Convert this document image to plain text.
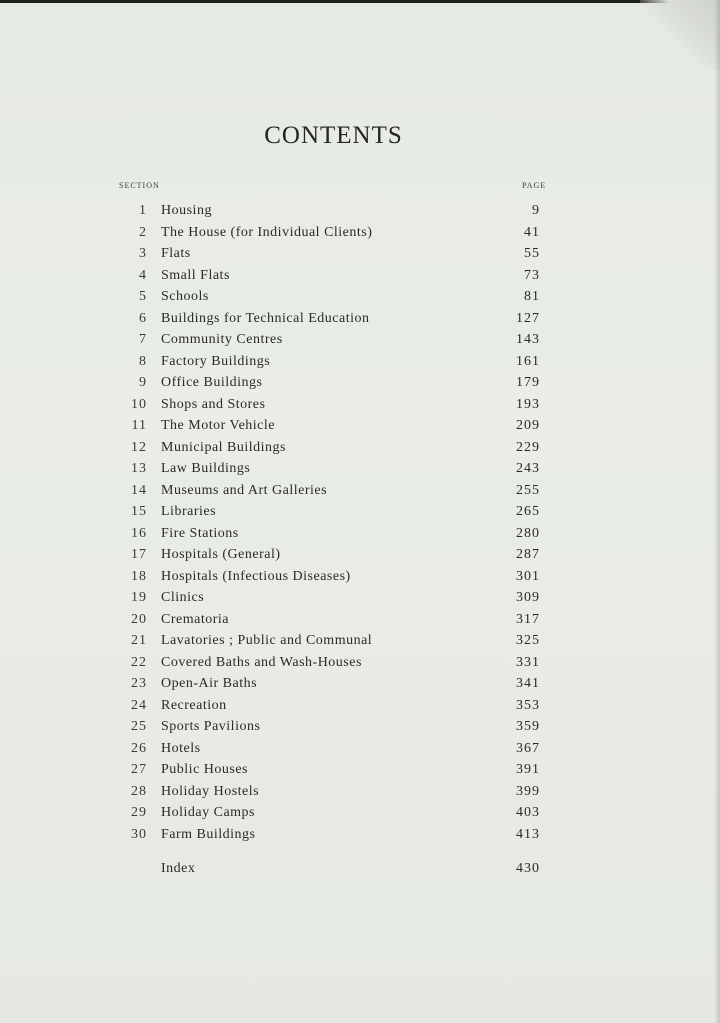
CONTENTS
SECTION	PAGE
1 Housing	9
2 The House (for Individual Clients)	41
3 Flats	55
4 Small Flats	73
5 Schools	81
6 Buildings for Technical Education	127
7 Community Centres	143
8 Factory Buildings	161
9 Office Buildings	179
10 Shops and Stores	193
11 The Motor Vehicle	209
12 Municipal Buildings	229
13 Law Buildings	243
14 Museums and Art Galleries	255
15 Libraries	265
16 Fire Stations	280
17 Hospitals (General)	287
18 Hospitals (Infectious Diseases)	301
19 Clinics	309
20 Crematoria	317
21 Lavatories ; Public and Communal	325
22 Covered Baths and Wash-Houses	331
23 Open-Air Baths	341
24 Recreation	353
25 Sports Pavilions	359
26 Hotels	367
27 Public Houses	391
28 Holiday Hostels	399
29 Holiday Camps	403
30 Farm Buildings	413
Index	430
